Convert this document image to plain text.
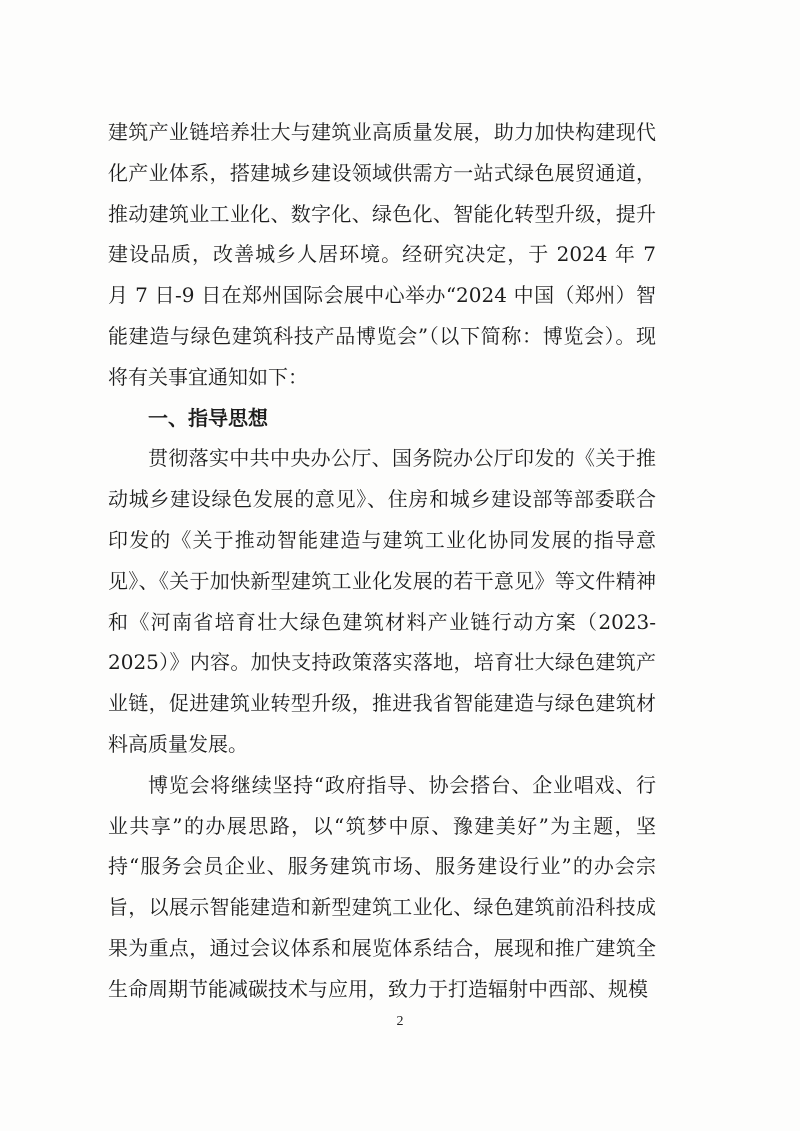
建筑产业链培养壮大与建筑业高质量发展，助力加快构建现代化产业体系，搭建城乡建设领域供需方一站式绿色展贸通道，推动建筑业工业化、数字化、绿色化、智能化转型升级，提升建设品质，改善城乡人居环境。经研究决定，于 2024 年 7 月 7 日-9 日在郑州国际会展中心举办“2024 中国（郑州）智能建造与绿色建筑科技产品博览会”（以下简称：博览会）。现将有关事宜通知如下：

一、指导思想

贯彻落实中共中央办公厅、国务院办公厅印发的《关于推动城乡建设绿色发展的意见》、住房和城乡建设部等部委联合印发的《关于推动智能建造与建筑工业化协同发展的指导意见》、《关于加快新型建筑工业化发展的若干意见》等文件精神和《河南省培育壮大绿色建筑材料产业链行动方案（2023-2025）》内容。加快支持政策落实落地，培育壮大绿色建筑产业链，促进建筑业转型升级，推进我省智能建造与绿色建筑材料高质量发展。

博览会将继续坚持“政府指导、协会搭台、企业唱戏、行业共享”的办展思路，以“筑梦中原、豫建美好”为主题，坚持“服务会员企业、服务建筑市场、服务建设行业”的办会宗旨，以展示智能建造和新型建筑工业化、绿色建筑前沿科技成果为重点，通过会议体系和展览体系结合，展现和推广建筑全生命周期节能减碳技术与应用，致力于打造辐射中西部、规模

2
